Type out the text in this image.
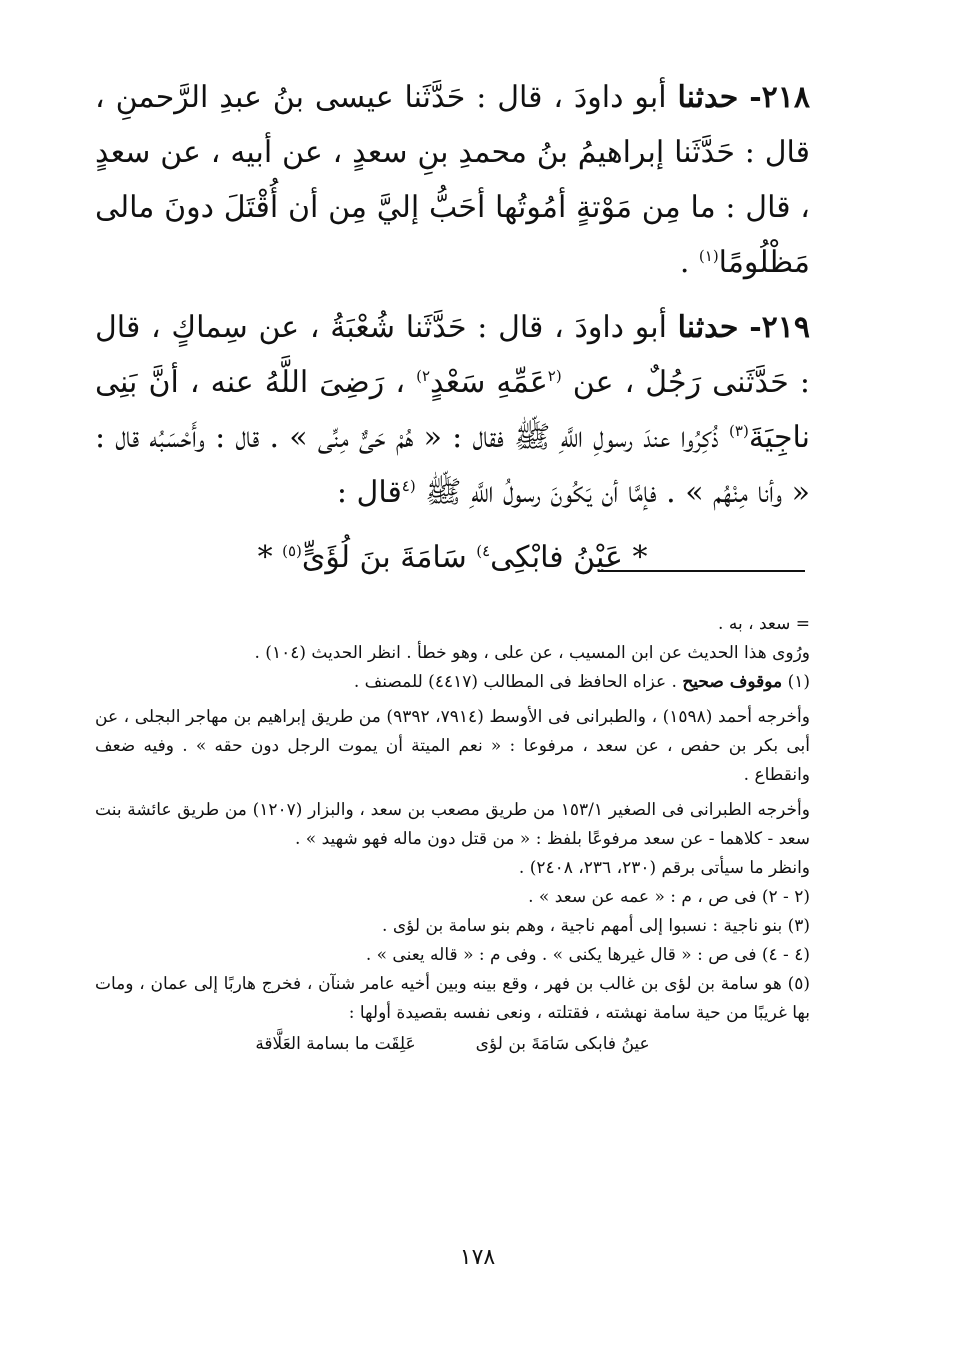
٢١٨- حدثنا أبو داودَ ، قال : حَدَّثَنا عيسى بنُ عبدِ الرَّحمنِ ، قال : حَدَّثَنا إبراهيمُ بنُ محمدِ بنِ سعدٍ ، عن أبيه ، عن سعدٍ ، قال : ما مِن مَوْتةٍ أمُوتُها أحَبُّ إليَّ مِن أن أُقْتَلَ دونَ مالى مَظْلُومًا$^{(١)}$ .

٢١٩- حدثنا أبو داودَ ، قال : حَدَّثَنا شُعْبَةُ ، عن سِماكٍ ، قال : حَدَّثَنى رَجُلٌ ، عن $^{(٢}$عَمِّهِ سَعْدٍ$^{٢)}$ ، رَضِىَ اللَّهُ عنه ، أنَّ بَنِى ناجِيَةَ$^{(٣)}$ ذُكِرُوا عندَ رسولِ اللَّهِ ﷺ فقال : « هُمْ حَىٌّ مِنِّى » . قال : وأَحْسَبُه قال : « وأنا مِنْهُم » . فإمَّا أن يَكُونَ رسولُ اللَّهِ ﷺ $^{(٤}$قال :

* عَيْنُ فابْكِى$^{٤)}$ سَامَةَ بنَ لُؤَىٍّ$^{(٥)}$ *

= سعد ، به .

ورُوى هذا الحديث عن ابن المسيب ، عن على ، وهو خطأ . انظر الحديث (١٠٤) .

(١) موقوف صحيح . عزاه الحافظ فى المطالب (٤٤١٧) للمصنف .

وأخرجه أحمد (١٥٩٨) ، والطبرانى فى الأوسط (٧٩١٤، ٩٣٩٢) من طريق إبراهيم بن مهاجر البجلى ، عن أبى بكر بن حفص ، عن سعد ، مرفوعا : « نعم الميتة أن يموت الرجل دون حقه » . وفيه ضعف وانقطاع .

وأخرجه الطبرانى فى الصغير ١٥٣/١ من طريق مصعب بن سعد ، والبزار (١٢٠٧) من طريق عائشة بنت سعد - كلاهما - عن سعد مرفوعًا بلفظ : « من قتل دون ماله فهو شهيد » .

وانظر ما سيأتى برقم (٢٣٠، ٢٣٦، ٢٤٠٨) .

(٢ - ٢) فى ص ، م : « عمه عن سعد » .

(٣) بنو ناجية : نسبوا إلى أمهم ناجية ، وهم بنو سامة بن لؤى .

(٤ - ٤) فى ص : « قال غيرها يكنى » . وفى م : « قاله يعنى » .

(٥) هو سامة بن لؤى بن غالب بن فهر ، وقع بينه وبين أخيه عامر شنآن ، فخرج هاربًا إلى عمان ، ومات بها غريبًا من حية سامة نهشته ، فقتلته ، ونعى نفسه بقصيدة أولها :

عينُ فابكى سَامَةَ بن لؤى
عَلِقَت ما بسامة العَلَّاقة
١٧٨
